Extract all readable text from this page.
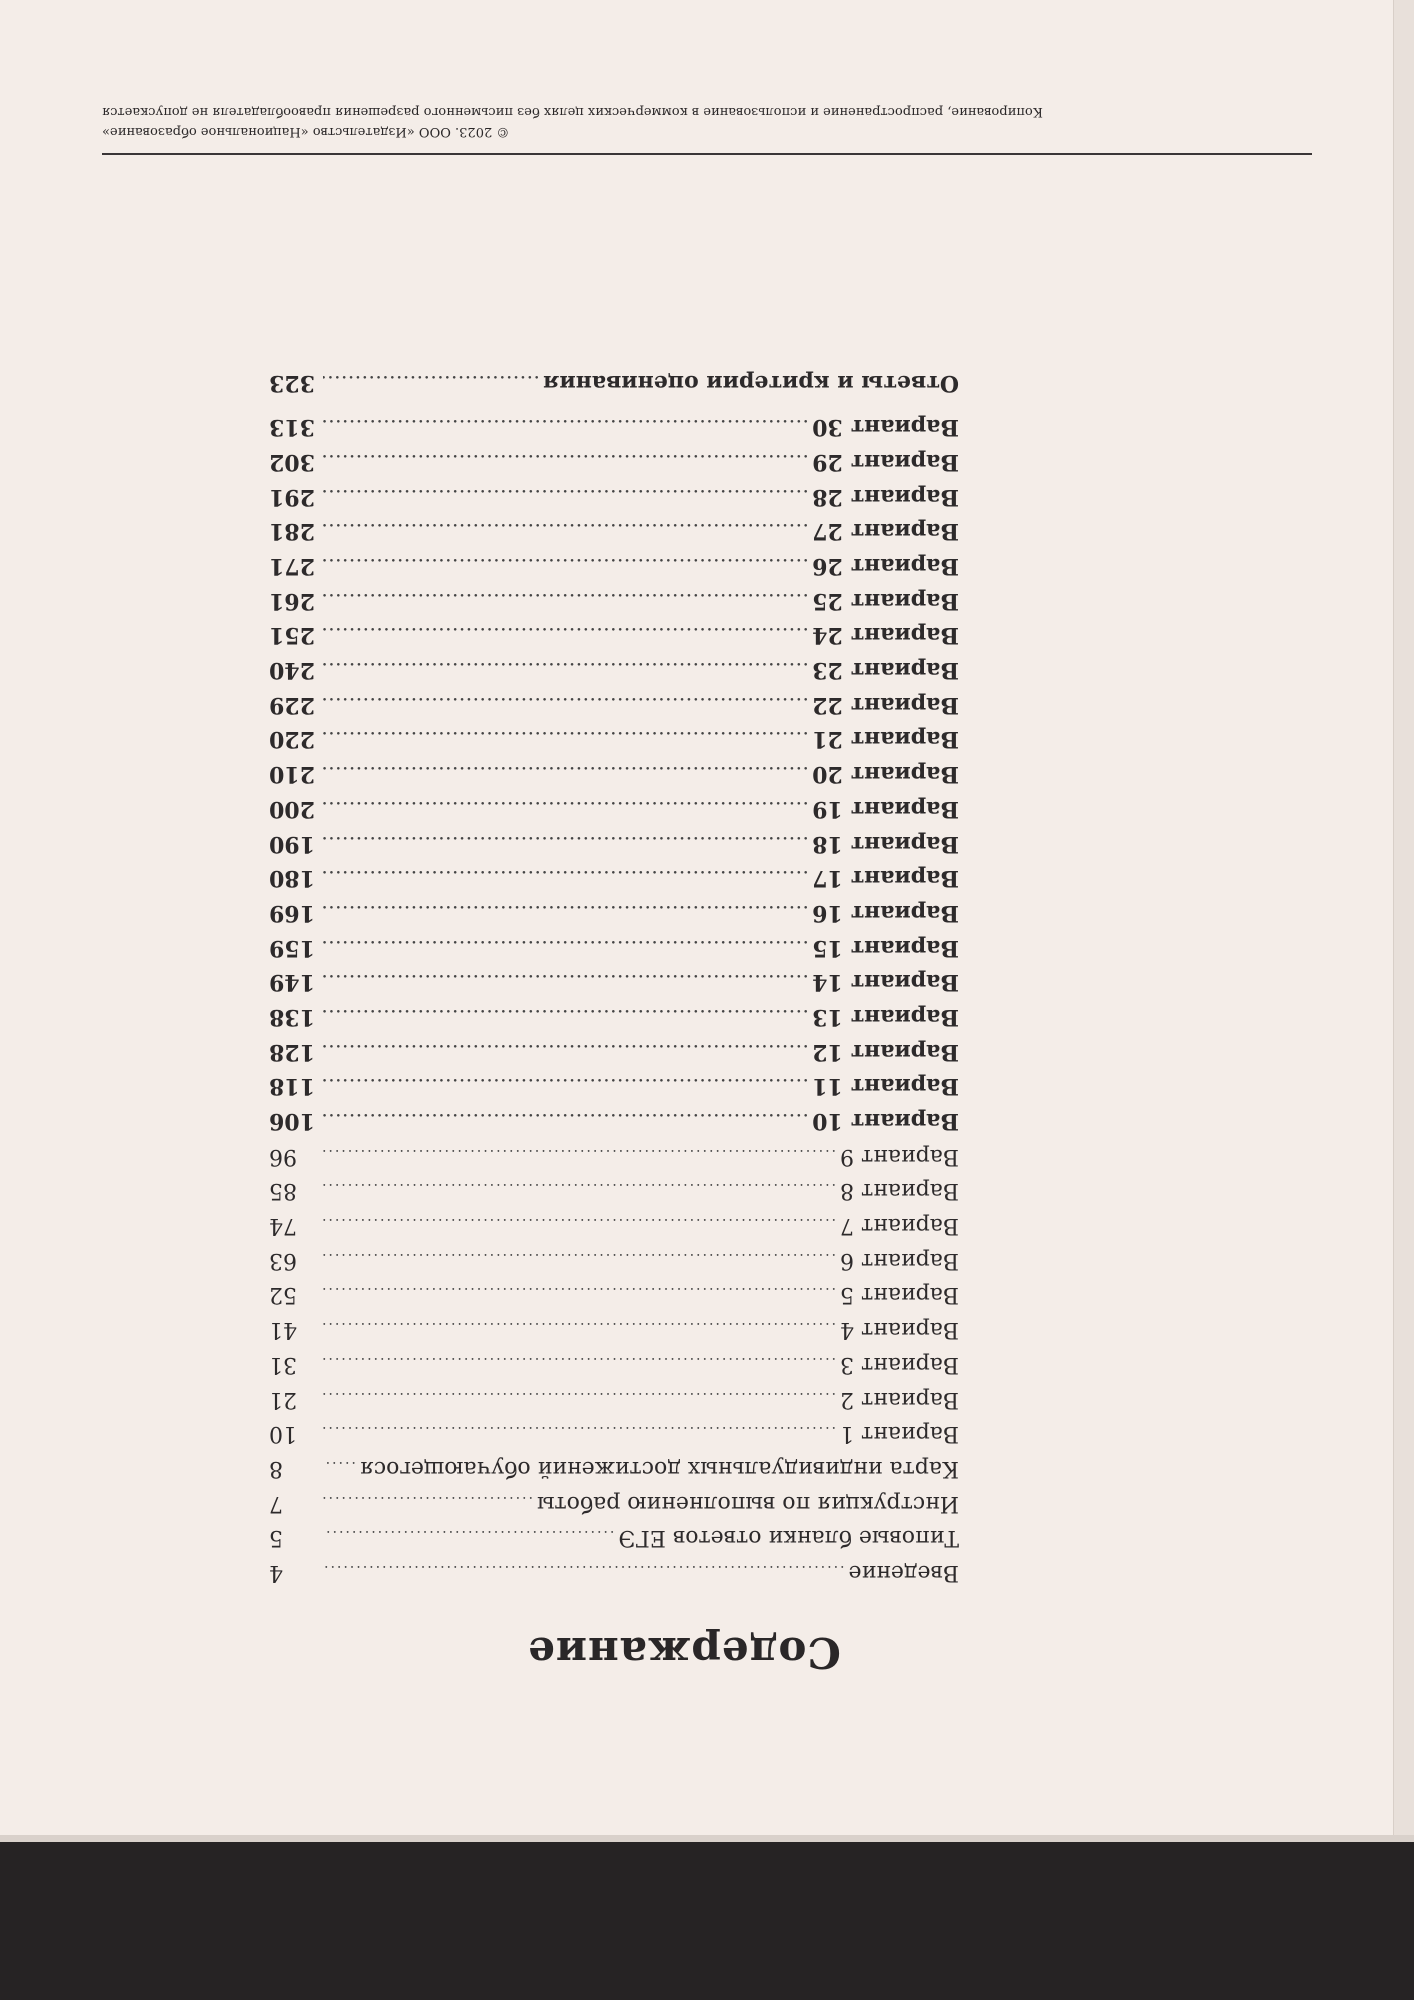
Содержание
Введение
.....
4
Типовые бланки ответов ЕГЭ
.....
5
Инструкция по выполнению работы
.....
7
Карта индивидуальных достижений обучающегося
.....
8
Вариант 1
.....
10
Вариант 2
.....
21
Вариант 3
.....
31
Вариант 4
.....
41
Вариант 5
.....
52
Вариант 6
.....
63
Вариант 7
.....
74
Вариант 8
.....
85
Вариант 9
.....
96
Вариант 10
.....
106
Вариант 11
.....
118
Вариант 12
.....
128
Вариант 13
.....
138
Вариант 14
.....
149
Вариант 15
.....
159
Вариант 16
.....
169
Вариант 17
.....
180
Вариант 18
.....
190
Вариант 19
.....
200
Вариант 20
.....
210
Вариант 21
.....
220
Вариант 22
.....
229
Вариант 23
.....
240
Вариант 24
.....
251
Вариант 25
.....
261
Вариант 26
.....
271
Вариант 27
.....
281
Вариант 28
.....
291
Вариант 29
.....
302
Вариант 30
.....
313
Ответы и критерии оценивания
.....
323
© 2023. ООО «Издательство «Национальное образование»
Копирование, распространение и использование в коммерческих целях без письменного разрешения правообладателя не допускается
